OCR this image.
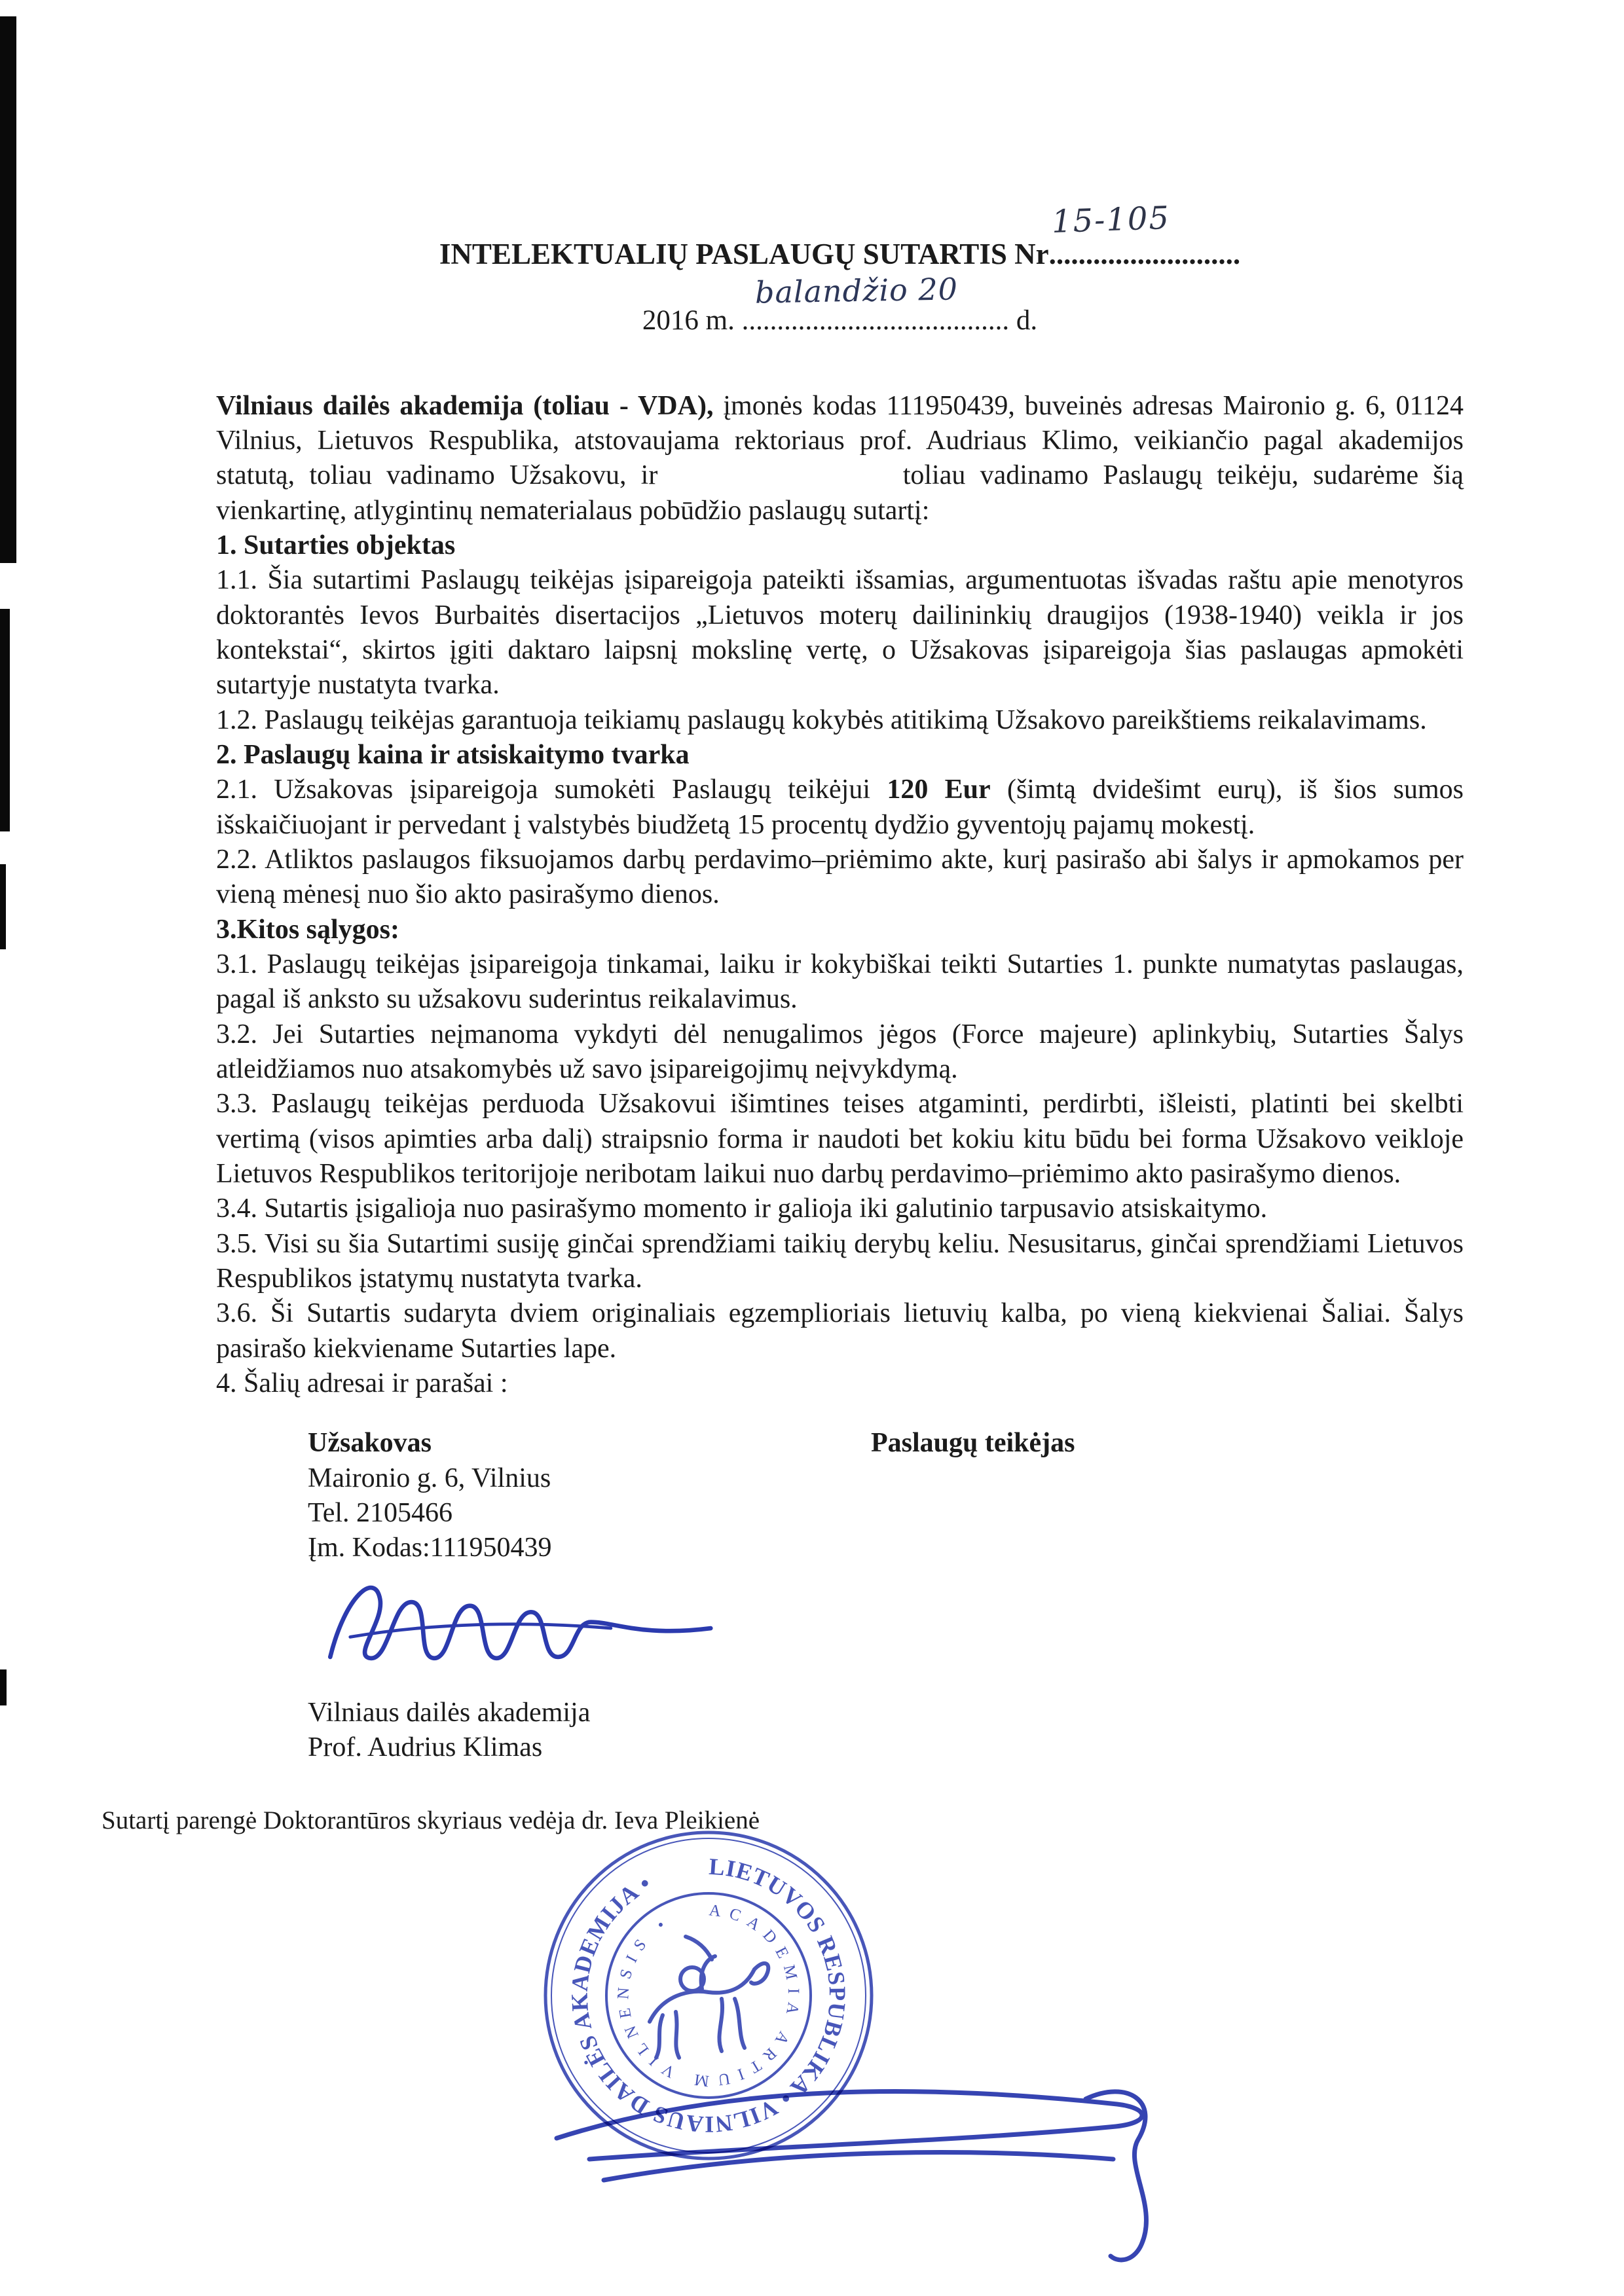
INTELEKTUALIŲ PASLAUGŲ SUTARTIS Nr
15-105
..........................
2016 m.
balandžio 20
...................................... d.

Vilniaus dailės akademija (toliau - VDA), įmonės kodas 111950439, buveinės adresas Maironio g. 6, 01124 Vilnius, Lietuvos Respublika, atstovaujama rektoriaus prof. Audriaus Klimo, veikiančio pagal akademijos statutą, toliau vadinamo Užsakovu, ir	toliau vadinamo Paslaugų teikėju, sudarėme šią vienkartinę, atlygintinų nematerialaus pobūdžio paslaugų sutartį:

1. Sutarties objektas

1.1. Šia sutartimi Paslaugų teikėjas įsipareigoja pateikti išsamias, argumentuotas išvadas raštu apie menotyros doktorantės Ievos Burbaitės disertacijos „Lietuvos moterų dailininkių draugijos (1938-1940) veikla ir jos kontekstai“, skirtos įgiti daktaro laipsnį mokslinę vertę, o Užsakovas įsipareigoja šias paslaugas apmokėti sutartyje nustatyta tvarka.

1.2. Paslaugų teikėjas garantuoja teikiamų paslaugų kokybės atitikimą Užsakovo pareikštiems reikalavimams.

2. Paslaugų kaina ir atsiskaitymo tvarka

2.1. Užsakovas įsipareigoja sumokėti Paslaugų teikėjui 120 Eur (šimtą dvidešimt eurų), iš šios sumos išskaičiuojant ir pervedant į valstybės biudžetą 15 procentų dydžio gyventojų pajamų mokestį.

2.2. Atliktos paslaugos fiksuojamos darbų perdavimo–priėmimo akte, kurį pasirašo abi šalys ir apmokamos per vieną mėnesį nuo šio akto pasirašymo dienos.

3.Kitos sąlygos:

3.1. Paslaugų teikėjas įsipareigoja tinkamai, laiku ir kokybiškai teikti Sutarties 1. punkte numatytas paslaugas, pagal iš anksto su užsakovu suderintus reikalavimus.

3.2. Jei Sutarties neįmanoma vykdyti dėl nenugalimos jėgos (Force majeure) aplinkybių, Sutarties Šalys atleidžiamos nuo atsakomybės už savo įsipareigojimų neįvykdymą.

3.3. Paslaugų teikėjas perduoda Užsakovui išimtines teises atgaminti, perdirbti, išleisti, platinti bei skelbti vertimą (visos apimties arba dalį) straipsnio forma ir naudoti bet kokiu kitu būdu bei forma Užsakovo veikloje Lietuvos Respublikos teritorijoje neribotam laikui nuo darbų perdavimo–priėmimo akto pasirašymo dienos.

3.4. Sutartis įsigalioja nuo pasirašymo momento ir galioja iki galutinio tarpusavio atsiskaitymo.

3.5. Visi su šia Sutartimi susiję ginčai sprendžiami taikių derybų keliu. Nesusitarus, ginčai sprendžiami Lietuvos Respublikos įstatymų nustatyta tvarka.

3.6. Ši Sutartis sudaryta dviem originaliais egzemplioriais lietuvių kalba, po vieną kiekvienai Šaliai. Šalys pasirašo kiekviename Sutarties lape.

4. Šalių adresai ir parašai :

Užsakovas

Maironio g. 6, Vilnius

Tel. 2105466

Įm. Kodas:111950439

Paslaugų teikėjas

Vilniaus dailės akademija

Prof. Audrius Klimas

Sutartį parengė Doktorantūros skyriaus vedėja dr. Ieva Pleikienė

LIETUVOS RESPUBLIKA • VILNIAUS DAILĖS AKADEMIJA •
ACADEMIA ARTIUM VILNENSIS •
